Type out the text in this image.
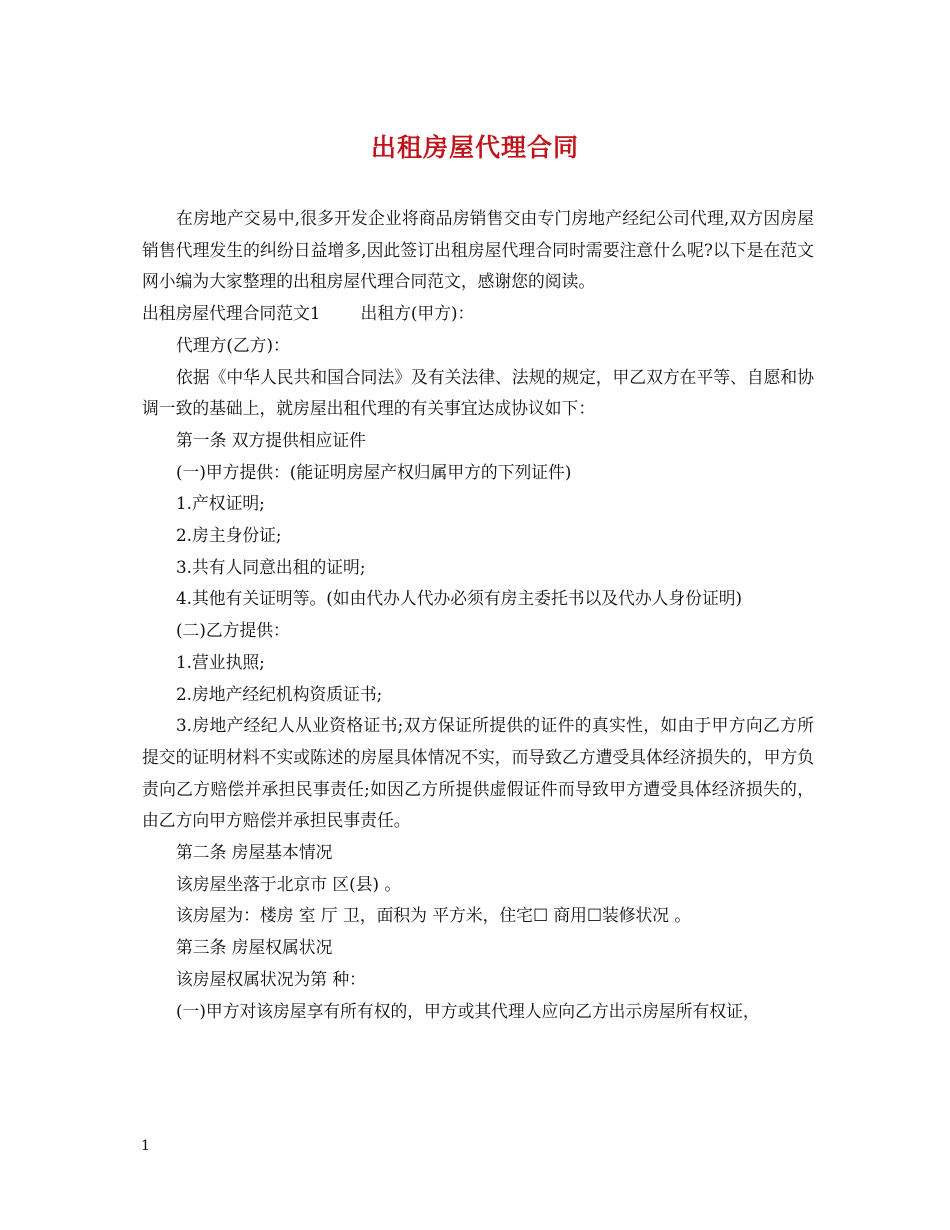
出租房屋代理合同

在房地产交易中,很多开发企业将商品房销售交由专门房地产经纪公司代理,双方因房屋销售代理发生的纠纷日益增多,因此签订出租房屋代理合同时需要注意什么呢?以下是在范文网小编为大家整理的出租房屋代理合同范文，感谢您的阅读。

出租房屋代理合同范文1 出租方(甲方)：

代理方(乙方)：

依据《中华人民共和国合同法》及有关法律、法规的规定，甲乙双方在平等、自愿和协调一致的基础上，就房屋出租代理的有关事宜达成协议如下：

第一条 双方提供相应证件

(一)甲方提供：(能证明房屋产权归属甲方的下列证件)

1.产权证明;

2.房主身份证;

3.共有人同意出租的证明;

4.其他有关证明等。(如由代办人代办必须有房主委托书以及代办人身份证明)

(二)乙方提供：

1.营业执照;

2.房地产经纪机构资质证书;

3.房地产经纪人从业资格证书;双方保证所提供的证件的真实性，如由于甲方向乙方所提交的证明材料不实或陈述的房屋具体情况不实，而导致乙方遭受具体经济损失的，甲方负责向乙方赔偿并承担民事责任;如因乙方所提供虚假证件而导致甲方遭受具体经济损失的，由乙方向甲方赔偿并承担民事责任。

第二条 房屋基本情况

该房屋坐落于北京市 区(县) 。

该房屋为：楼房 室 厅 卫，面积为 平方米，住宅☐ 商用☐装修状况 。

第三条 房屋权属状况

该房屋权属状况为第 种：

(一)甲方对该房屋享有所有权的，甲方或其代理人应向乙方出示房屋所有权证，

1
